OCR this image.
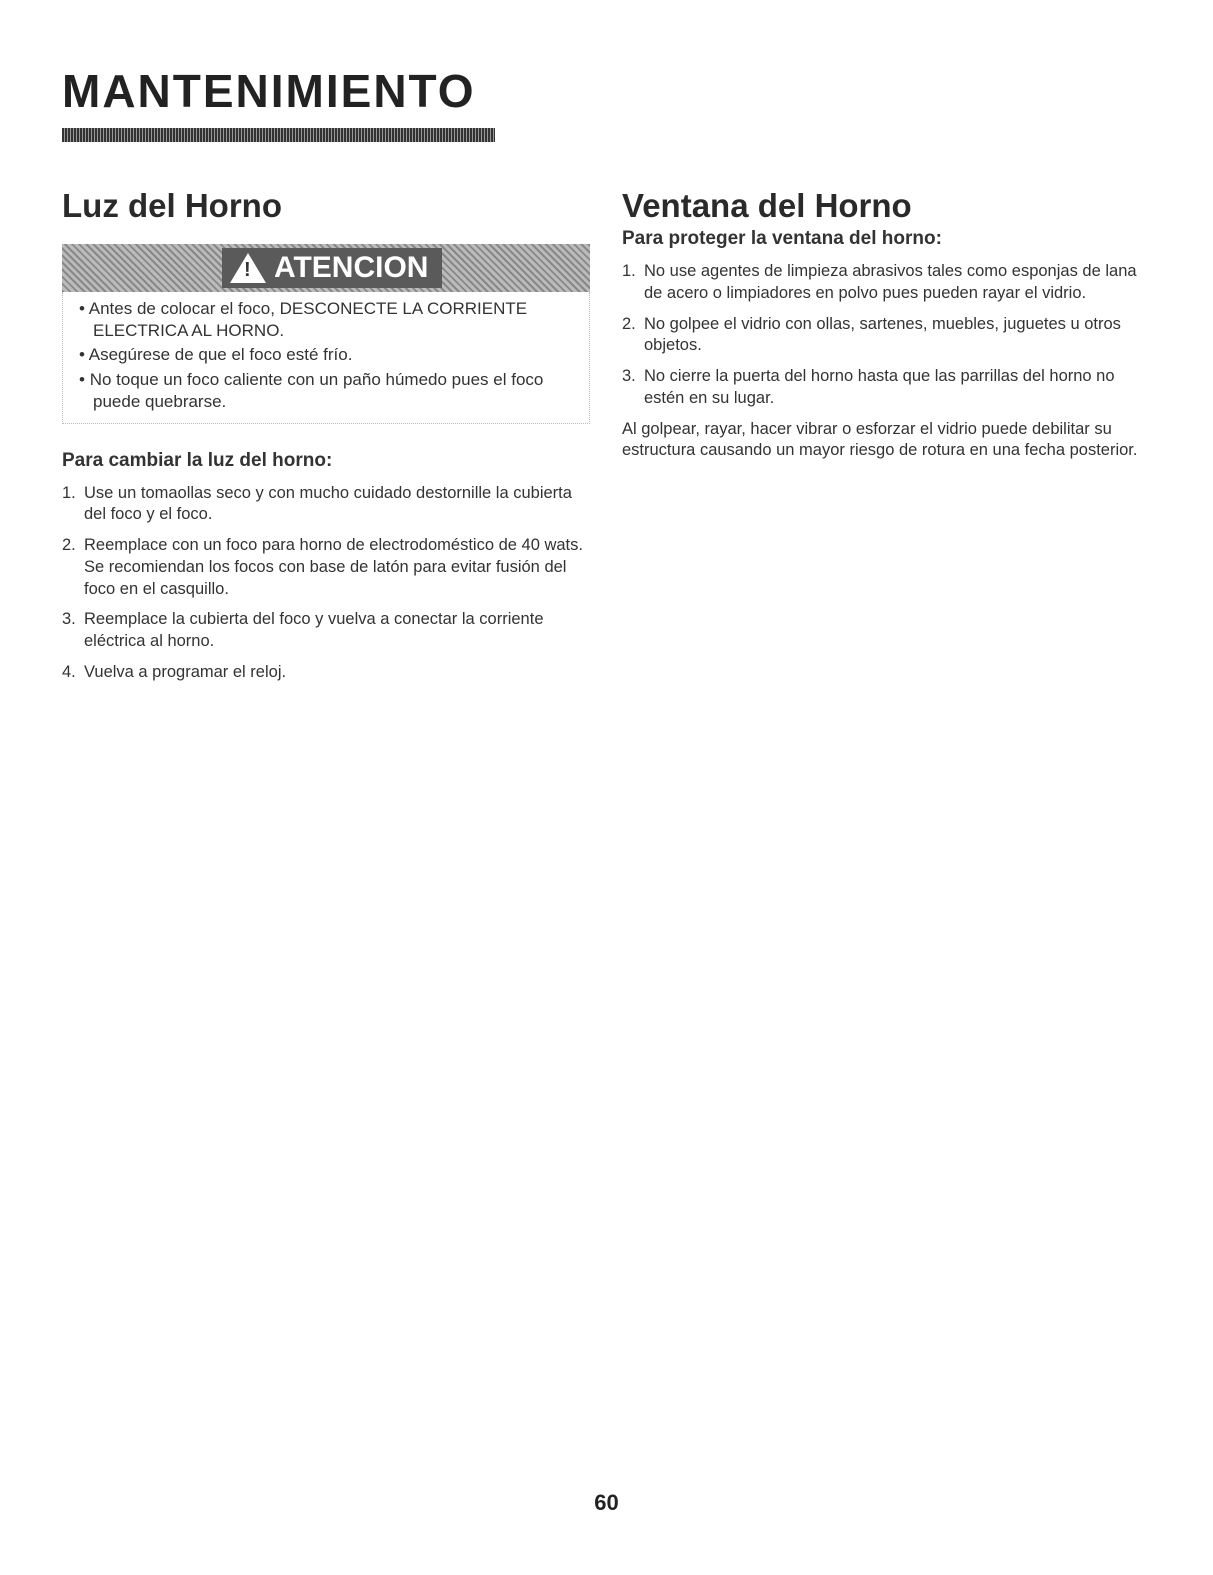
MANTENIMIENTO
Luz del Horno
! ATENCION

• Antes de colocar el foco, DESCONECTE LA CORRIENTE ELECTRICA AL HORNO.

• Asegúrese de que el foco esté frío.

• No toque un foco caliente con un paño húmedo pues el foco puede quebrarse.

Para cambiar la luz del horno:
1. Use un tomaollas seco y con mucho cuidado destornille la cubierta del foco y el foco.
2. Reemplace con un foco para horno de electrodoméstico de 40 wats. Se recomiendan los focos con base de latón para evitar fusión del foco en el casquillo.
3. Reemplace la cubierta del foco y vuelva a conectar la corriente eléctrica al horno.
4. Vuelva a programar el reloj.
Ventana del Horno
Para proteger la ventana del horno:
1. No use agentes de limpieza abrasivos tales como esponjas de lana de acero o limpiadores en polvo pues pueden rayar el vidrio.
2. No golpee el vidrio con ollas, sartenes, muebles, juguetes u otros objetos.
3. No cierre la puerta del horno hasta que las parrillas del horno no estén en su lugar.

Al golpear, rayar, hacer vibrar o esforzar el vidrio puede debilitar su estructura causando un mayor riesgo de rotura en una fecha posterior.

60
